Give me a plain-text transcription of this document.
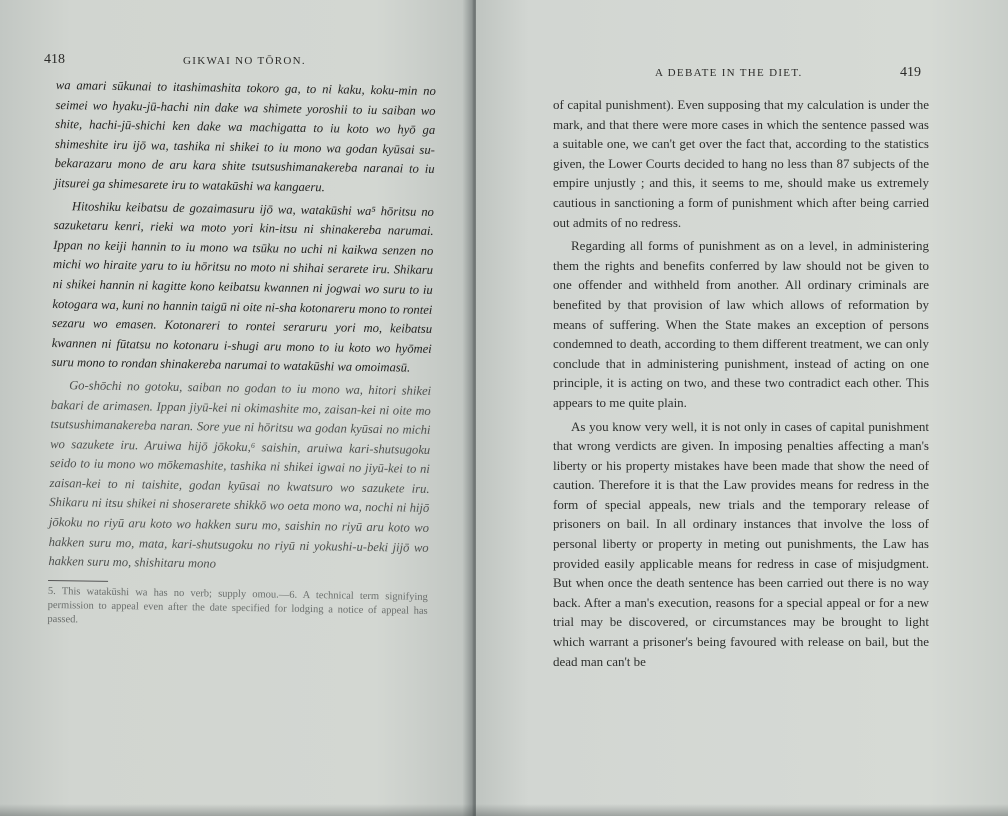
418	GIKWAI NO TŌRON.
A DEBATE IN THE DIET.	419

wa amari sūkunai to itashimashita tokoro ga, to ni kaku, koku-min no seimei wo hyaku-jū-hachi nin dake wa shimete yoroshii to iu saiban wo shite, hachi-jū-shichi ken dake wa machigatta to iu koto wo hyō ga shimeshite iru ijō wa, tashika ni shikei to iu mono wa godan kyūsai su-bekarazaru mono de aru kara shite tsutsushimanakereba naranai to iu jitsurei ga shimesarete iru to watakūshi wa kangaeru.

Hitoshiku keibatsu de gozaimasuru ijō wa, watakūshi wa⁵ hōritsu no sazuketaru kenri, rieki wa moto yori kin-itsu ni shinakereba narumai. Ippan no keiji hannin to iu mono wa tsūku no uchi ni kaikwa senzen no michi wo hiraite yaru to iu hōritsu no moto ni shihai serarete iru. Shikaru ni shikei hannin ni kagitte kono keibatsu kwannen ni jogwai wo suru to iu kotogara wa, kuni no hannin taigū ni oite ni-sha kotonareru mono to rontei sezaru wo emasen. Kotonareri to rontei seraruru yori mo, keibatsu kwannen ni fūtatsu no kotonaru i-shugi aru mono to iu koto wo hyōmei suru mono to rondan shinakereba narumai to watakūshi wa omoimasū.

Go-shōchi no gotoku, saiban no godan to iu mono wa, hitori shikei bakari de arimasen. Ippan jiyū-kei ni okimashite mo, zaisan-kei ni oite mo tsutsushimanakereba naran. Sore yue ni hōritsu wa godan kyūsai no michi wo sazukete iru. Aruiwa hijō jōkoku,⁶ saishin, aruiwa kari-shutsugoku seido to iu mono wo mōkemashite, tashika ni shikei igwai no jiyū-kei to ni zaisan-kei to ni taishite, godan kyūsai no kwatsuro wo sazukete iru. Shikaru ni itsu shikei ni shoserarete shikkō wo oeta mono wa, nochi ni hijō jōkoku no riyū aru koto wo hakken suru mo, saishin no riyū aru koto wo hakken suru mo, mata, kari-shutsugoku no riyū ni yokushi-u-beki jijō wo hakken suru mo, shishitaru mono

5. This watakūshi wa has no verb; supply omou.—6. A technical term signifying permission to appeal even after the date specified for lodging a notice of appeal has passed.

of capital punishment). Even supposing that my calculation is under the mark, and that there were more cases in which the sentence passed was a suitable one, we can't get over the fact that, according to the statistics given, the Lower Courts decided to hang no less than 87 subjects of the empire unjustly ; and this, it seems to me, should make us extremely cautious in sanctioning a form of punishment which after being carried out admits of no redress.

Regarding all forms of punishment as on a level, in administering them the rights and benefits conferred by law should not be given to one offender and withheld from another. All ordinary criminals are benefited by that provision of law which allows of reformation by means of suffering. When the State makes an exception of persons condemned to death, according to them different treatment, we can only conclude that in administering punishment, instead of acting on one principle, it is acting on two, and these two contradict each other. This appears to me quite plain.

As you know very well, it is not only in cases of capital punishment that wrong verdicts are given. In imposing penalties affecting a man's liberty or his property mistakes have been made that show the need of caution. Therefore it is that the Law provides means for redress in the form of special appeals, new trials and the temporary release of prisoners on bail. In all ordinary instances that involve the loss of personal liberty or property in meting out punishments, the Law has provided easily applicable means for redress in case of misjudgment. But when once the death sentence has been carried out there is no way back. After a man's execution, reasons for a special appeal or for a new trial may be discovered, or circumstances may be brought to light which warrant a prisoner's being favoured with release on bail, but the dead man can't be
